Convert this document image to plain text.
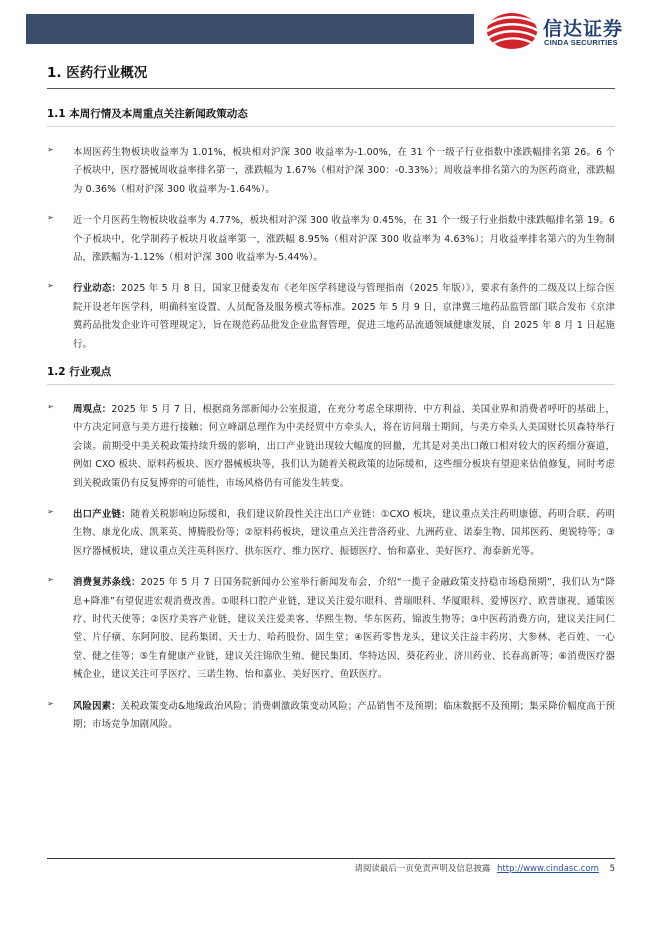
信达证券
CINDA SECURITIES
1. 医药行业概况
1.1 本周行情及本周重点关注新闻政策动态
➢ 本周医药生物板块收益率为 1.01%，板块相对沪深 300 收益率为-1.00%，在 31 个一级子行业指数中涨跌幅排名第 26。6 个子板块中，医疗器械周收益率排名第一，涨跌幅为 1.67%（相对沪深 300：-0.33%）；周收益率排名第六的为医药商业，涨跌幅为 0.36%（相对沪深 300 收益率为-1.64%）。
➢ 近一个月医药生物板块收益率为 4.77%，板块相对沪深 300 收益率为 0.45%，在 31 个一级子行业指数中涨跌幅排名第 19。6 个子板块中，化学制药子板块月收益率第一，涨跌幅 8.95%（相对沪深 300 收益率为 4.63%）；月收益率排名第六的为生物制品，涨跌幅为-1.12%（相对沪深 300 收益率为-5.44%）。
➢ 行业动态：2025 年 5 月 8 日，国家卫健委发布《老年医学科建设与管理指南（2025 年版）》，要求有条件的二级及以上综合医院开设老年医学科，明确科室设置、人员配备及服务模式等标准。2025 年 5 月 9 日，京津冀三地药品监管部门联合发布《京津冀药品批发企业许可管理规定》，旨在规范药品批发企业监督管理，促进三地药品流通领域健康发展，自 2025 年 8 月 1 日起施行。
1.2 行业观点
➢ 周观点：2025 年 5 月 7 日，根据商务部新闻办公室报道，在充分考虑全球期待、中方利益、美国业界和消费者呼吁的基础上，中方决定同意与美方进行接触；何立峰副总理作为中美经贸中方牵头人，将在访问瑞士期间，与美方牵头人美国财长贝森特举行会谈。前期受中美关税政策持续升级的影响，出口产业链出现较大幅度的回撤，尤其是对美出口敞口相对较大的医药细分赛道，例如 CXO 板块、原料药板块、医疗器械板块等，我们认为随着关税政策的边际缓和，这些细分板块有望迎来估值修复，同时考虑到关税政策仍有反复博弈的可能性，市场风格仍有可能发生转变。
➢ 出口产业链：随着关税影响边际缓和，我们建议阶段性关注出口产业链：①CXO 板块，建议重点关注药明康德、药明合联、药明生物、康龙化成、凯莱英、博腾股份等；②原料药板块，建议重点关注普洛药业、九洲药业、诺泰生物、国邦医药、奥锐特等；③医疗器械板块，建议重点关注英科医疗、拱东医疗、维力医疗、振德医疗、怡和嘉业、美好医疗、海泰新光等。
➢ 消费复苏条线：2025 年 5 月 7 日国务院新闻办公室举行新闻发布会，介绍“一揽子金融政策支持稳市场稳预期”，我们认为“降息+降准”有望促进宏观消费改善。①眼科口腔产业链，建议关注爱尔眼科、普瑞眼科、华厦眼科、爱博医疗、欧普康视、通策医疗、时代天使等；②医疗美容产业链，建议关注爱美客、华熙生物、华东医药、锦波生物等；③中医药消费方向，建议关注同仁堂、片仔癀、东阿阿胶、昆药集团、天士力、哈药股份、固生堂；④医药零售龙头，建议关注益丰药房、大参林、老百姓、一心堂、健之佳等；⑤生育健康产业链，建议关注锦欣生殖、健民集团、华特达因、葵花药业、济川药业、长春高新等；⑥消费医疗器械企业，建议关注可孚医疗、三诺生物、怡和嘉业、美好医疗、鱼跃医疗。
➢ 风险因素：关税政策变动&地缘政治风险；消费刺激政策变动风险；产品销售不及预期；临床数据不及预期；集采降价幅度高于预期；市场竞争加剧风险。
请阅读最后一页免责声明及信息披露 http://www.cindasc.com 5
